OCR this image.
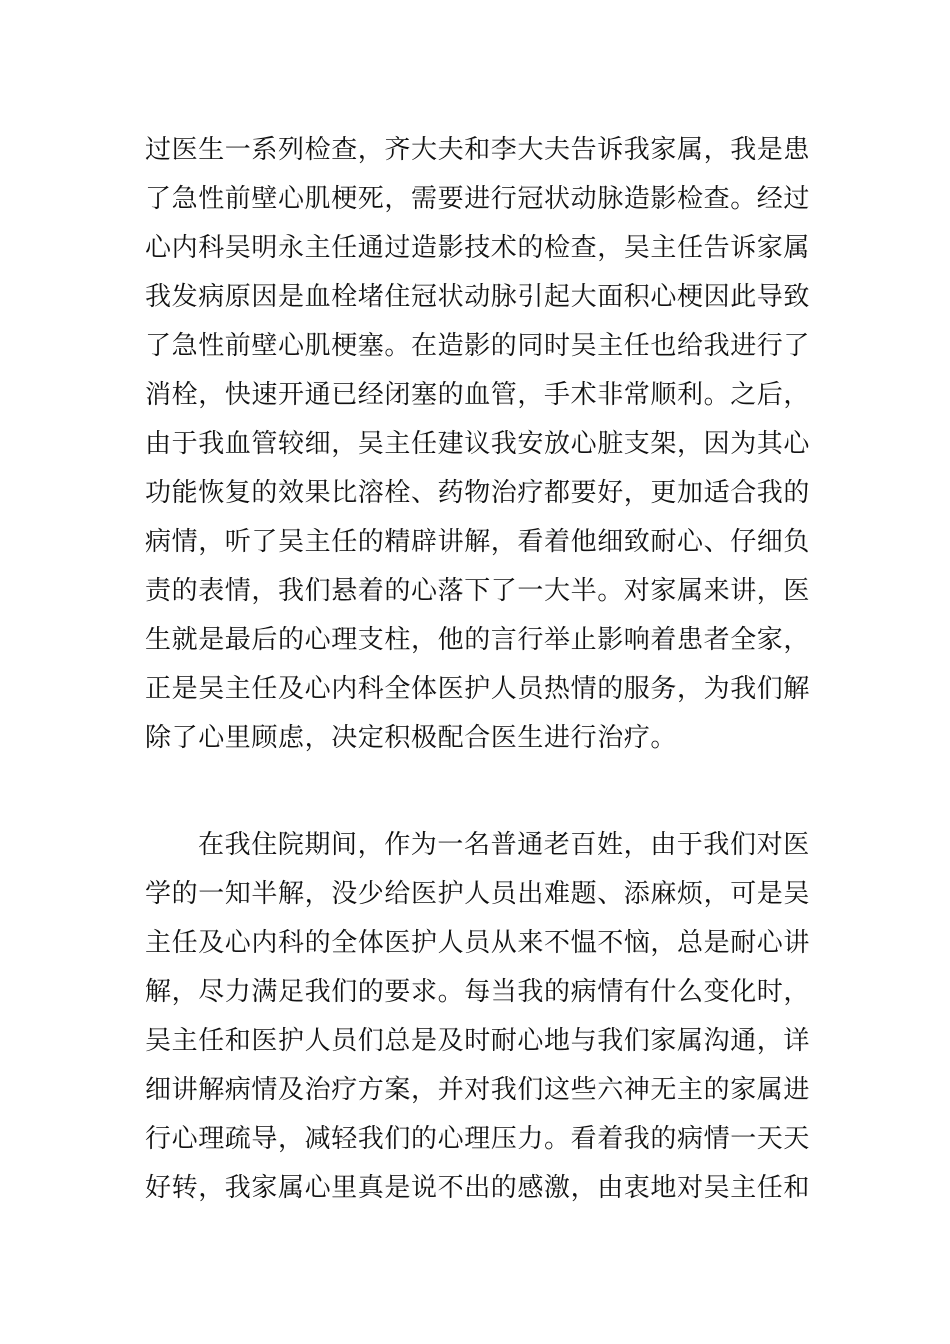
过医生一系列检查，齐大夫和李大夫告诉我家属，我是患
了急性前壁心肌梗死，需要进行冠状动脉造影检查。经过
心内科吴明永主任通过造影技术的检查，吴主任告诉家属
我发病原因是血栓堵住冠状动脉引起大面积心梗因此导致
了急性前壁心肌梗塞。在造影的同时吴主任也给我进行了
消栓，快速开通已经闭塞的血管，手术非常顺利。之后，
由于我血管较细，吴主任建议我安放心脏支架，因为其心
功能恢复的效果比溶栓、药物治疗都要好，更加适合我的
病情，听了吴主任的精辟讲解，看着他细致耐心、仔细负
责的表情，我们悬着的心落下了一大半。对家属来讲，医
生就是最后的心理支柱，他的言行举止影响着患者全家，
正是吴主任及心内科全体医护人员热情的服务，为我们解
除了心里顾虑，决定积极配合医生进行治疗。
在我住院期间，作为一名普通老百姓，由于我们对医
学的一知半解，没少给医护人员出难题、添麻烦，可是吴
主任及心内科的全体医护人员从来不愠不恼，总是耐心讲
解，尽力满足我们的要求。每当我的病情有什么变化时，
吴主任和医护人员们总是及时耐心地与我们家属沟通，详
细讲解病情及治疗方案，并对我们这些六神无主的家属进
行心理疏导，减轻我们的心理压力。看着我的病情一天天
好转，我家属心里真是说不出的感激，由衷地对吴主任和
